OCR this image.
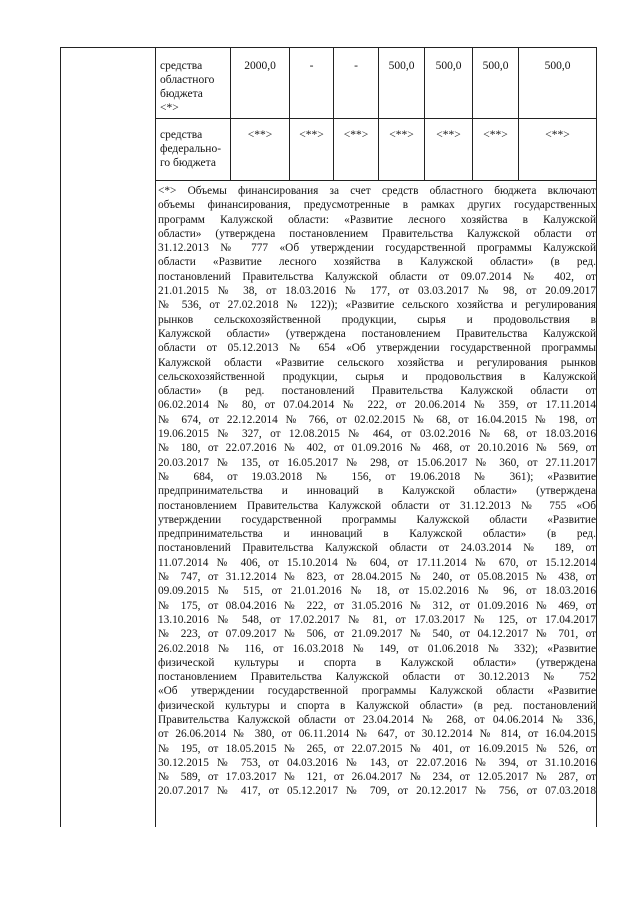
средства
областного
бюджета
<*>
2000,0	-	-	500,0	500,0	500,0	500,0
средства
федерально-
го бюджета
<**>	<**>	<**>	<**>	<**>	<**>	<**>

<*> Объемы финансирования за счет средств областного бюджета включают

объемы финансирования, предусмотренные в рамках других государственных

программ Калужской области: «Развитие лесного хозяйства в Калужской

области» (утверждена постановлением Правительства Калужской области от

31.12.2013 № 777 «Об утверждении государственной программы Калужской

области «Развитие лесного хозяйства в Калужской области» (в ред.

постановлений Правительства Калужской области от 09.07.2014 № 402, от

21.01.2015 № 38, от 18.03.2016 № 177, от 03.03.2017 № 98, от 20.09.2017

№ 536, от 27.02.2018 № 122)); «Развитие сельского хозяйства и регулирования

рынков сельскохозяйственной продукции, сырья и продовольствия в

Калужской области» (утверждена постановлением Правительства Калужской

области от 05.12.2013 № 654 «Об утверждении государственной программы

Калужской области «Развитие сельского хозяйства и регулирования рынков

сельскохозяйственной продукции, сырья и продовольствия в Калужской

области» (в ред. постановлений Правительства Калужской области от

06.02.2014 № 80, от 07.04.2014 № 222, от 20.06.2014 № 359, от 17.11.2014

№ 674, от 22.12.2014 № 766, от 02.02.2015 № 68, от 16.04.2015 № 198, от

19.06.2015 № 327, от 12.08.2015 № 464, от 03.02.2016 № 68, от 18.03.2016

№ 180, от 22.07.2016 № 402, от 01.09.2016 № 468, от 20.10.2016 № 569, от

20.03.2017 № 135, от 16.05.2017 № 298, от 15.06.2017 № 360, от 27.11.2017

№ 684, от 19.03.2018 № 156, от 19.06.2018 № 361); «Развитие

предпринимательства и инноваций в Калужской области» (утверждена

постановлением Правительства Калужской области от 31.12.2013 № 755 «Об

утверждении государственной программы Калужской области «Развитие

предпринимательства и инноваций в Калужской области» (в ред.

постановлений Правительства Калужской области от 24.03.2014 № 189, от

11.07.2014 № 406, от 15.10.2014 № 604, от 17.11.2014 № 670, от 15.12.2014

№ 747, от 31.12.2014 № 823, от 28.04.2015 № 240, от 05.08.2015 № 438, от

09.09.2015 № 515, от 21.01.2016 № 18, от 15.02.2016 № 96, от 18.03.2016

№ 175, от 08.04.2016 № 222, от 31.05.2016 № 312, от 01.09.2016 № 469, от

13.10.2016 № 548, от 17.02.2017 № 81, от 17.03.2017 № 125, от 17.04.2017

№ 223, от 07.09.2017 № 506, от 21.09.2017 № 540, от 04.12.2017 № 701, от

26.02.2018 № 116, от 16.03.2018 № 149, от 01.06.2018 № 332); «Развитие

физической культуры и спорта в Калужской области» (утверждена

постановлением Правительства Калужской области от 30.12.2013 № 752

«Об утверждении государственной программы Калужской области «Развитие

физической культуры и спорта в Калужской области» (в ред. постановлений

Правительства Калужской области от 23.04.2014 № 268, от 04.06.2014 № 336,

от 26.06.2014 № 380, от 06.11.2014 № 647, от 30.12.2014 № 814, от 16.04.2015

№ 195, от 18.05.2015 № 265, от 22.07.2015 № 401, от 16.09.2015 № 526, от

30.12.2015 № 753, от 04.03.2016 № 143, от 22.07.2016 № 394, от 31.10.2016

№ 589, от 17.03.2017 № 121, от 26.04.2017 № 234, от 12.05.2017 № 287, от

20.07.2017 № 417, от 05.12.2017 № 709, от 20.12.2017 № 756, от 07.03.2018
